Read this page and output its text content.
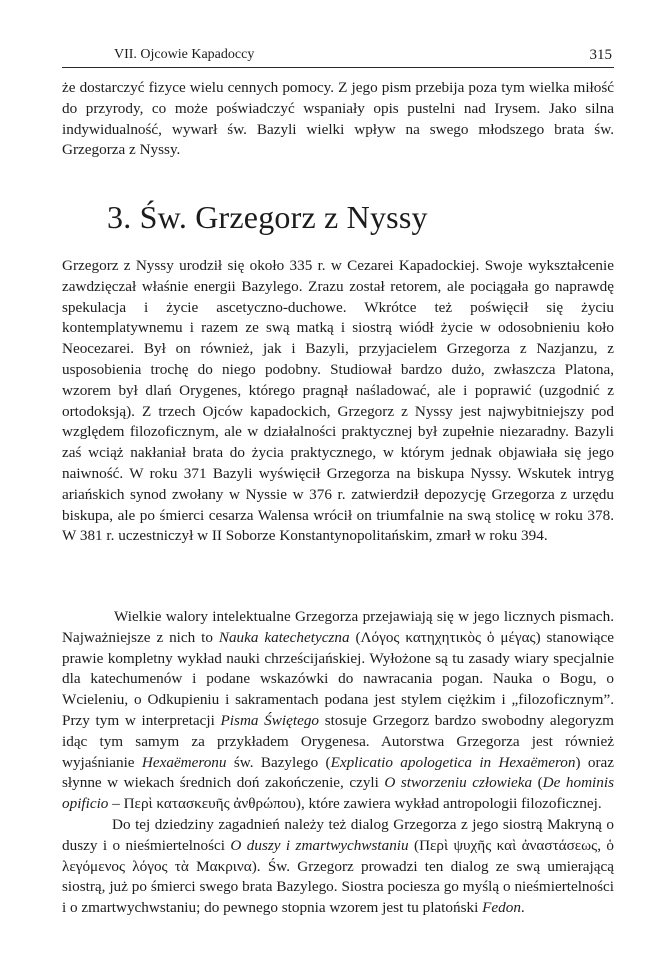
VII. Ojcowie Kapadoccy	315

że dostarczyć fizyce wielu cennych pomocy. Z jego pism przebija poza tym wielka miłość do przyrody, co może poświadczyć wspaniały opis pustelni nad Irysem. Jako silna indywidualność, wywarł św. Bazyli wielki wpływ na swego młodszego brata św. Grzegorza z Nyssy.

3. Św. Grzegorz z Nyssy

Grzegorz z Nyssy urodził się około 335 r. w Cezarei Kapadockiej. Swoje wykształcenie zawdzięczał właśnie energii Bazylego. Zrazu został retorem, ale pociągała go naprawdę spekulacja i życie ascetyczno-duchowe. Wkrótce też poświęcił się życiu kontemplatywnemu i razem ze swą matką i siostrą wiódł życie w odosobnieniu koło Neocezarei. Był on również, jak i Bazyli, przyjacielem Grzegorza z Nazjanzu, z usposobienia trochę do niego podobny. Studiował bardzo dużo, zwłaszcza Platona, wzorem był dlań Orygenes, którego pragnął naśladować, ale i poprawić (uzgodnić z ortodoksją). Z trzech Ojców kapadockich, Grzegorz z Nyssy jest najwybitniejszy pod względem filozoficznym, ale w działalności praktycznej był zupełnie niezaradny. Bazyli zaś wciąż nakłaniał brata do życia praktycznego, w którym jednak objawiała się jego naiwność. W roku 371 Bazyli wyświęcił Grzegorza na biskupa Nyssy. Wskutek intryg ariańskich synod zwołany w Nyssie w 376 r. zatwierdził depozycję Grzegorza z urzędu biskupa, ale po śmierci cesarza Walensa wrócił on triumfalnie na swą stolicę w roku 378. W 381 r. uczestniczył w II Soborze Konstantynopolitańskim, zmarł w roku 394.

Wielkie walory intelektualne Grzegorza przejawiają się w jego licznych pismach. Najważniejsze z nich to Nauka katechetyczna (Λόγος κατηχητικὸς ὁ μέγας) stanowiące prawie kompletny wykład nauki chrześcijańskiej. Wyłożone są tu zasady wiary specjalnie dla katechumenów i podane wskazówki do nawracania pogan. Nauka o Bogu, o Wcieleniu, o Odkupieniu i sakramentach podana jest stylem ciężkim i „filozoficznym”. Przy tym w interpretacji Pisma Świętego stosuje Grzegorz bardzo swobodny alegoryzm idąc tym samym za przykładem Orygenesa. Autorstwa Grzegorza jest również wyjaśnianie Hexaëmeronu św. Bazylego (Explicatio apologetica in Hexaëmeron) oraz słynne w wiekach średnich doń zakończenie, czyli O stworzeniu człowieka (De hominis opificio – Περὶ κατασκευῆς ἀνθρώπου), które zawiera wykład antropologii filozoficznej.
Do tej dziedziny zagadnień należy też dialog Grzegorza z jego siostrą Makryną o duszy i o nieśmiertelności O duszy i zmartwychwstaniu (Περὶ ψυχῆς καὶ ἀναστάσεως, ὁ λεγόμενος λόγος τὰ Μακρινα). Św. Grzegorz prowadzi ten dialog ze swą umierającą siostrą, już po śmierci swego brata Bazylego. Siostra pociesza go myślą o nieśmiertelności i o zmartwychwstaniu; do pewnego stopnia wzorem jest tu platoński Fedon.
